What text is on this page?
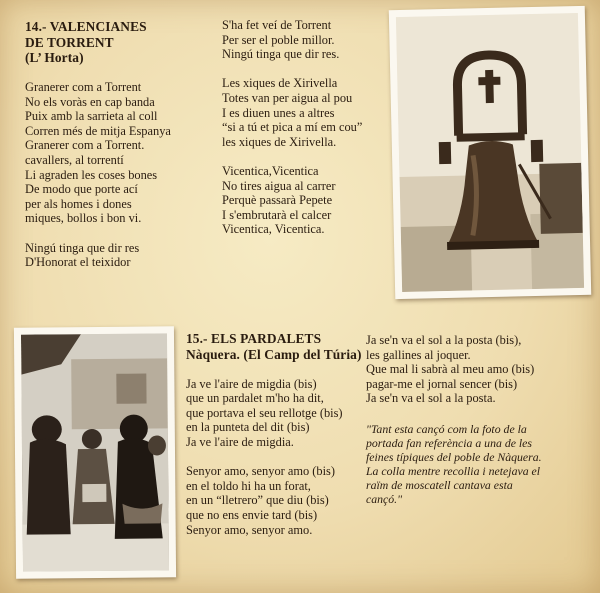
14.- VALENCIANES
DE TORRENT
(L’ Horta)
Granerer com a Torrent
No els voràs en cap banda
Puix amb la sarrieta al coll
Corren més de mitja Espanya
Granerer com a Torrent.
cavallers, al torrentí
Li agraden les coses bones
De modo que porte ací
per als homes i dones
miques, bollos i bon vi.
Ningú tinga que dir res
D'Honorat el teixidor
S'ha fet veí de Torrent
Per ser el poble millor.
Ningú tinga que dir res.
Les xiques de Xirivella
Totes van per aigua al pou
I es diuen unes a altres
“si a tú et pica a mí em cou”
les xiques de Xirivella.
Vicentica,Vicentica
No tires aigua al carrer
Perquè passarà Pepete
I s'embrutarà el calcer
Vicentica, Vicentica.
15.- ELS PARDALETS
Nàquera. (El Camp del Túria)
Ja ve l'aire de migdia (bis)
que un pardalet m'ho ha dit,
que portava el seu rellotge (bis)
en la punteta del dit (bis)
Ja ve l'aire de migdia.
Senyor amo, senyor amo (bis)
en el toldo hi ha un forat,
en un “lletrero” que diu (bis)
que no ens envie tard (bis)
Senyor amo, senyor amo.
Ja se'n va el sol a la posta (bis),
les gallines al joquer.
Que mal li sabrà al meu amo (bis)
pagar-me el jornal sencer (bis)
Ja se'n va el sol a la posta.
"Tant esta cançó com la foto de la
portada fan referència a una de les
feines típiques del poble de Nàquera.
La colla mentre recollia i netejava el
raïm de moscatell cantava esta
cançó."
